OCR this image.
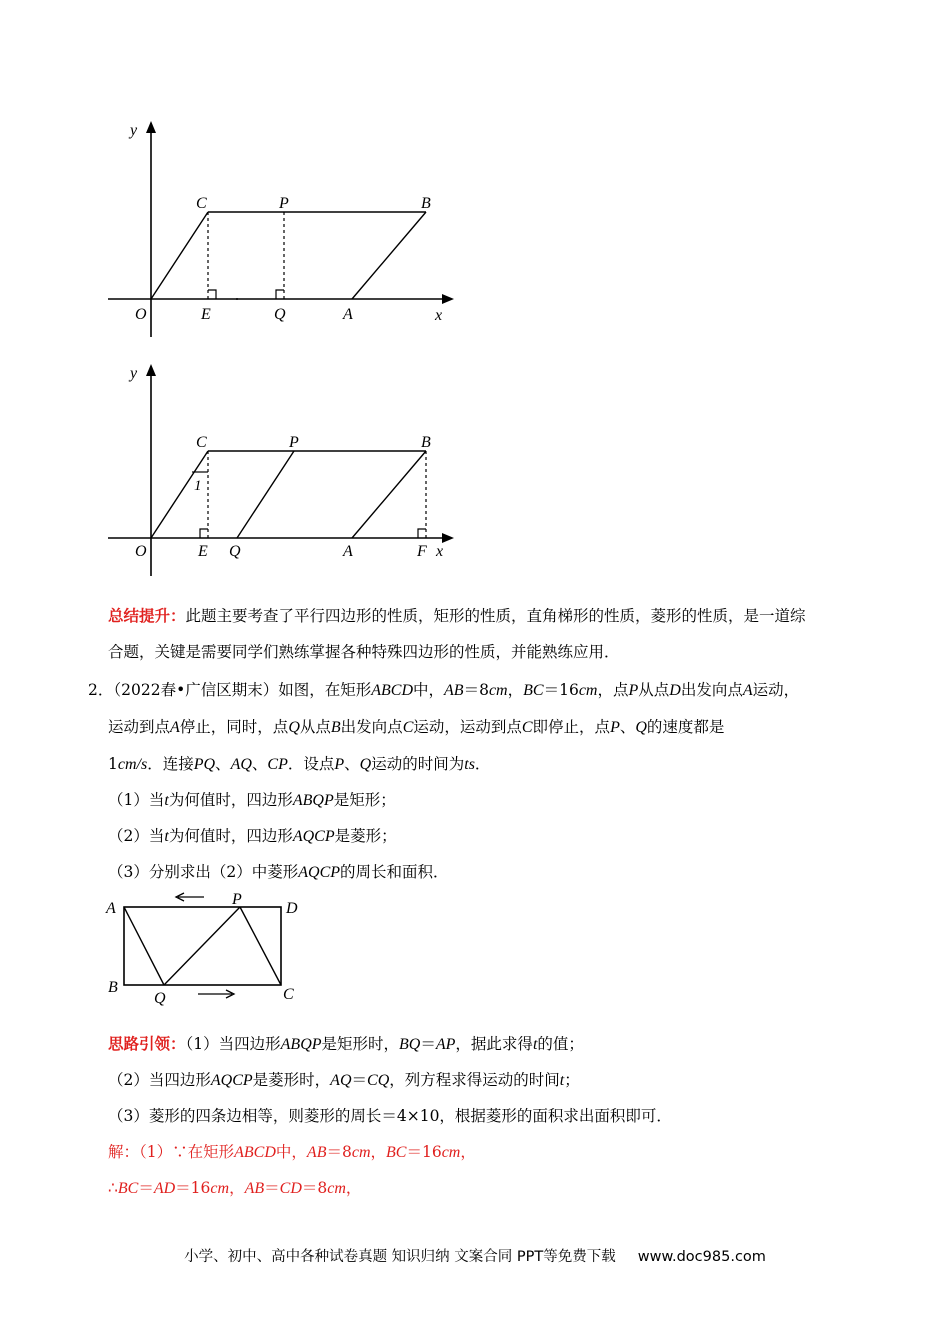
y
x
O
C	P	B
E	Q	A
1
y
x
O
C	P	B
E Q	A	F
总结提升：此题主要考查了平行四边形的性质，矩形的性质，直角梯形的性质，菱形的性质，是一道综
合题，关键是需要同学们熟练掌握各种特殊四边形的性质，并能熟练应用．
2．（2022春•广信区期末）如图，在矩形ABCD中，AB＝8cm，BC＝16cm，点P从点D出发向点A运动，
运动到点A停止，同时，点Q从点B出发向点C运动，运动到点C即停止，点P、Q的速度都是
1cm/s．连接PQ、AQ、CP．设点P、Q运动的时间为ts．
（1）当t为何值时，四边形ABQP是矩形；
（2）当t为何值时，四边形AQCP是菱形；
（3）分别求出（2）中菱形AQCP的周长和面积．
A
P
D
B
Q	C
思路引领：（1）当四边形ABQP是矩形时，BQ＝AP，据此求得t的值；
（2）当四边形AQCP是菱形时，AQ＝CQ，列方程求得运动的时间t；
（3）菱形的四条边相等，则菱形的周长＝4×10，根据菱形的面积求出面积即可．
解：（1）∵在矩形ABCD中，AB＝8cm，BC＝16cm，
∴BC＝AD＝16cm，AB＝CD＝8cm，
小学、初中、高中各种试卷真题 知识归纳 文案合同 PPT等免费下载 www.doc985.com
